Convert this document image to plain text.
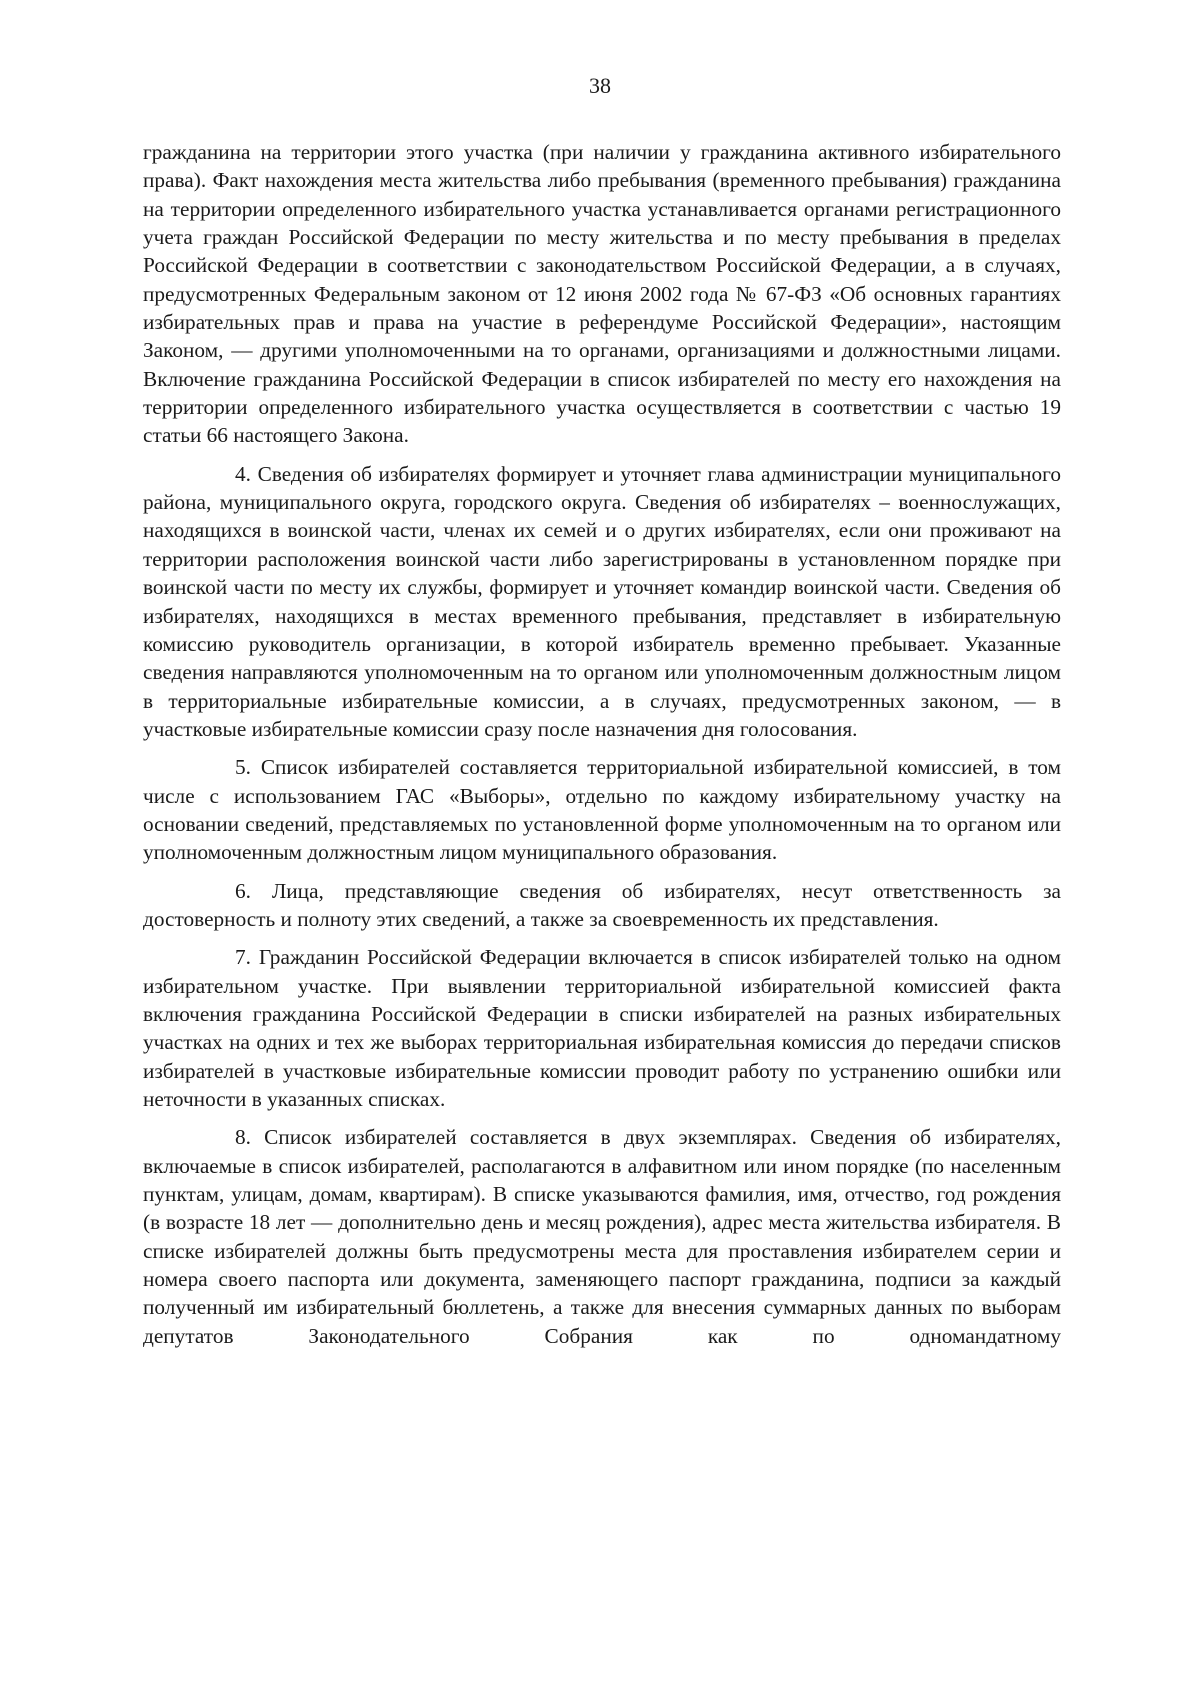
38

гражданина на территории этого участка (при наличии у гражданина активного избирательного права). Факт нахождения места жительства либо пребывания (временного пребывания) гражданина на территории определенного избирательного участка устанавливается органами регистрационного учета граждан Российской Федерации по месту жительства и по месту пребывания в пределах Российской Федерации в соответствии с законодательством Российской Федерации, а в случаях, предусмотренных Федеральным законом от 12 июня 2002 года № 67-ФЗ «Об основных гарантиях избирательных прав и права на участие в референдуме Российской Федерации», настоящим Законом, — другими уполномоченными на то органами, организациями и должностными лицами. Включение гражданина Российской Федерации в список избирателей по месту его нахождения на территории определенного избирательного участка осуществляется в соответствии с частью 19 статьи 66 настоящего Закона.

4. Сведения об избирателях формирует и уточняет глава администрации муниципального района, муниципального округа, городского округа. Сведения об избирателях – военнослужащих, находящихся в воинской части, членах их семей и о других избирателях, если они проживают на территории расположения воинской части либо зарегистрированы в установленном порядке при воинской части по месту их службы, формирует и уточняет командир воинской части. Сведения об избирателях, находящихся в местах временного пребывания, представляет в избирательную комиссию руководитель организации, в которой избиратель временно пребывает. Указанные сведения направляются уполномоченным на то органом или уполномоченным должностным лицом в территориальные избирательные комиссии, а в случаях, предусмотренных законом, — в участковые избирательные комиссии сразу после назначения дня голосования.

5. Список избирателей составляется территориальной избирательной комиссией, в том числе с использованием ГАС «Выборы», отдельно по каждому избирательному участку на основании сведений, представляемых по установленной форме уполномоченным на то органом или уполномоченным должностным лицом муниципального образования.

6. Лица, представляющие сведения об избирателях, несут ответственность за достоверность и полноту этих сведений, а также за своевременность их представления.

7. Гражданин Российской Федерации включается в список избирателей только на одном избирательном участке. При выявлении территориальной избирательной комиссией факта включения гражданина Российской Федерации в списки избирателей на разных избирательных участках на одних и тех же выборах территориальная избирательная комиссия до передачи списков избирателей в участковые избирательные комиссии проводит работу по устранению ошибки или неточности в указанных списках.

8. Список избирателей составляется в двух экземплярах. Сведения об избирателях, включаемые в список избирателей, располагаются в алфавитном или ином порядке (по населенным пунктам, улицам, домам, квартирам). В списке указываются фамилия, имя, отчество, год рождения (в возрасте 18 лет — дополнительно день и месяц рождения), адрес места жительства избирателя. В списке избирателей должны быть предусмотрены места для проставления избирателем серии и номера своего паспорта или документа, заменяющего паспорт гражданина, подписи за каждый полученный им избирательный бюллетень, а также для внесения суммарных данных по выборам депутатов Законодательного Собрания как по одномандатному
